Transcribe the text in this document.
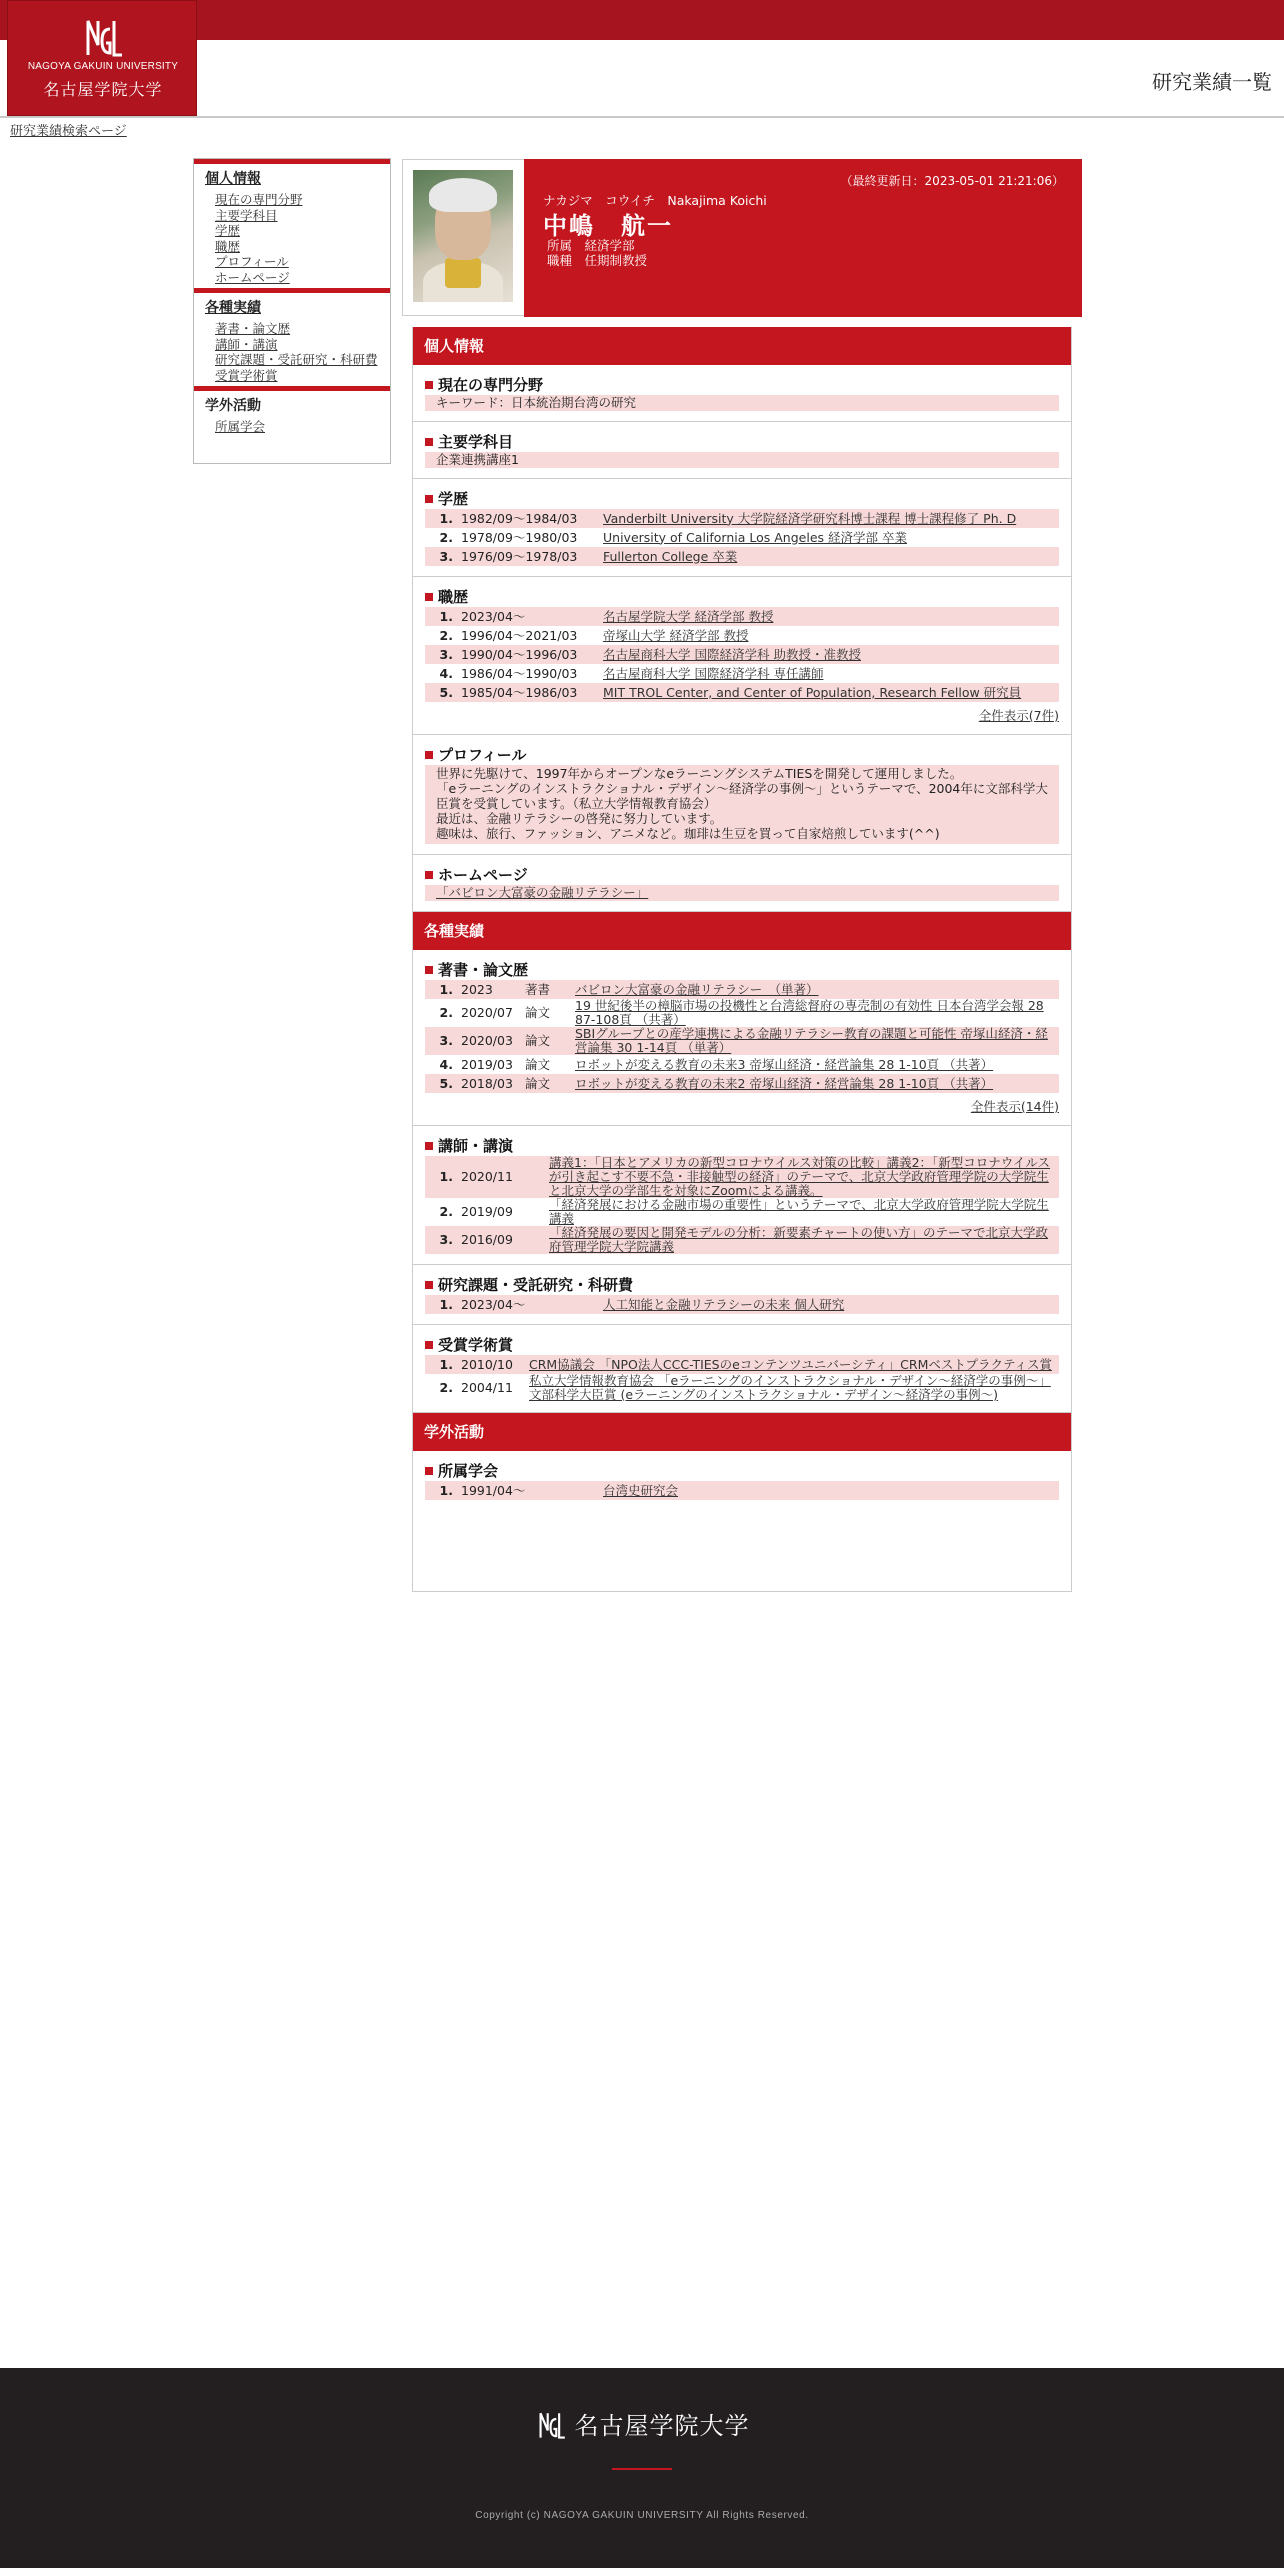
NAGOYA GAKUIN UNIVERSITY
名古屋学院大学	研究業績一覧
研究業績検索ページ
個人情報
現在の専門分野
主要学科目
学歴
職歴
プロフィール
ホームページ
各種実績
著書・論文歴
講師・講演
研究課題・受託研究・科研費
受賞学術賞
学外活動
所属学会
（最終更新日：2023-05-01 21:21:06）
ナカジマ　コウイチ　Nakajima Koichi
中嶋　航一
所属　経済学部
職種　任期制教授
個人情報
現在の専門分野
キーワード：日本統治期台湾の研究
主要学科目
企業連携講座1
学歴
1.	1982/09～1984/03	Vanderbilt University 大学院経済学研究科博士課程 博士課程修了 Ph. D
2.	1978/09～1980/03	University of California Los Angeles 経済学部 卒業
3.	1976/09～1978/03	Fullerton College 卒業
職歴
1.	2023/04～	名古屋学院大学 経済学部 教授
2.	1996/04～2021/03	帝塚山大学 経済学部 教授
3.	1990/04～1996/03	名古屋商科大学 国際経済学科 助教授・准教授
4.	1986/04～1990/03	名古屋商科大学 国際経済学科 専任講師
5.	1985/04～1986/03	MIT TROL Center, and Center of Population, Research Fellow 研究員
全件表示(7件)
プロフィール
世界に先駆けて、1997年からオープンなeラーニングシステムTIESを開発して運用しました。
「eラーニングのインストラクショナル・デザイン～経済学の事例～」というテーマで、2004年に文部科学大臣賞を受賞しています。（私立大学情報教育協会）
最近は、金融リテラシーの啓発に努力しています。
趣味は、旅行、ファッション、アニメなど。珈琲は生豆を買って自家焙煎しています(^^)
ホームページ
「バビロン大富豪の金融リテラシー」
各種実績
著書・論文歴
1.	2023	著書	バビロン大富豪の金融リテラシー　（単著）
2.	2020/07	論文	19 世紀後半の樟脳市場の投機性と台湾総督府の専売制の有効性 日本台湾学会報 28 87-108頁 （共著）
3.	2020/03	論文	SBIグループとの産学連携による金融リテラシー教育の課題と可能性 帝塚山経済・経営論集 30 1-14頁 （単著）
4.	2019/03	論文	ロボットが変える教育の未来3 帝塚山経済・経営論集 28 1-10頁 （共著）
5.	2018/03	論文	ロボットが変える教育の未来2 帝塚山経済・経営論集 28 1-10頁 （共著）
全件表示(14件)
講師・講演
1.	2020/11	講義1：「日本とアメリカの新型コロナウイルス対策の比較」講義2：「新型コロナウイルスが引き起こす不要不急・非接触型の経済」のテーマで、北京大学政府管理学院の大学院生と北京大学の学部生を対象にZoomによる講義。
2.	2019/09	「経済発展における金融市場の重要性」というテーマで、北京大学政府管理学院大学院生講義
3.	2016/09	「経済発展の要因と開発モデルの分析：新要素チャートの使い方」のテーマで北京大学政府管理学院大学院講義
研究課題・受託研究・科研費
1.	2023/04～	人工知能と金融リテラシーの未来 個人研究
受賞学術賞
1.	2010/10	CRM協議会 「NPO法人CCC-TIESのeコンテンツユニバーシティ」CRMベストプラクティス賞
2.	2004/11	私立大学情報教育協会 「eラーニングのインストラクショナル・デザイン～経済学の事例～」文部科学大臣賞 (eラーニングのインストラクショナル・デザイン～経済学の事例～)
学外活動
所属学会
1.	1991/04～	台湾史研究会
名古屋学院大学
Copyright (c) NAGOYA GAKUIN UNIVERSITY All Rights Reserved.
